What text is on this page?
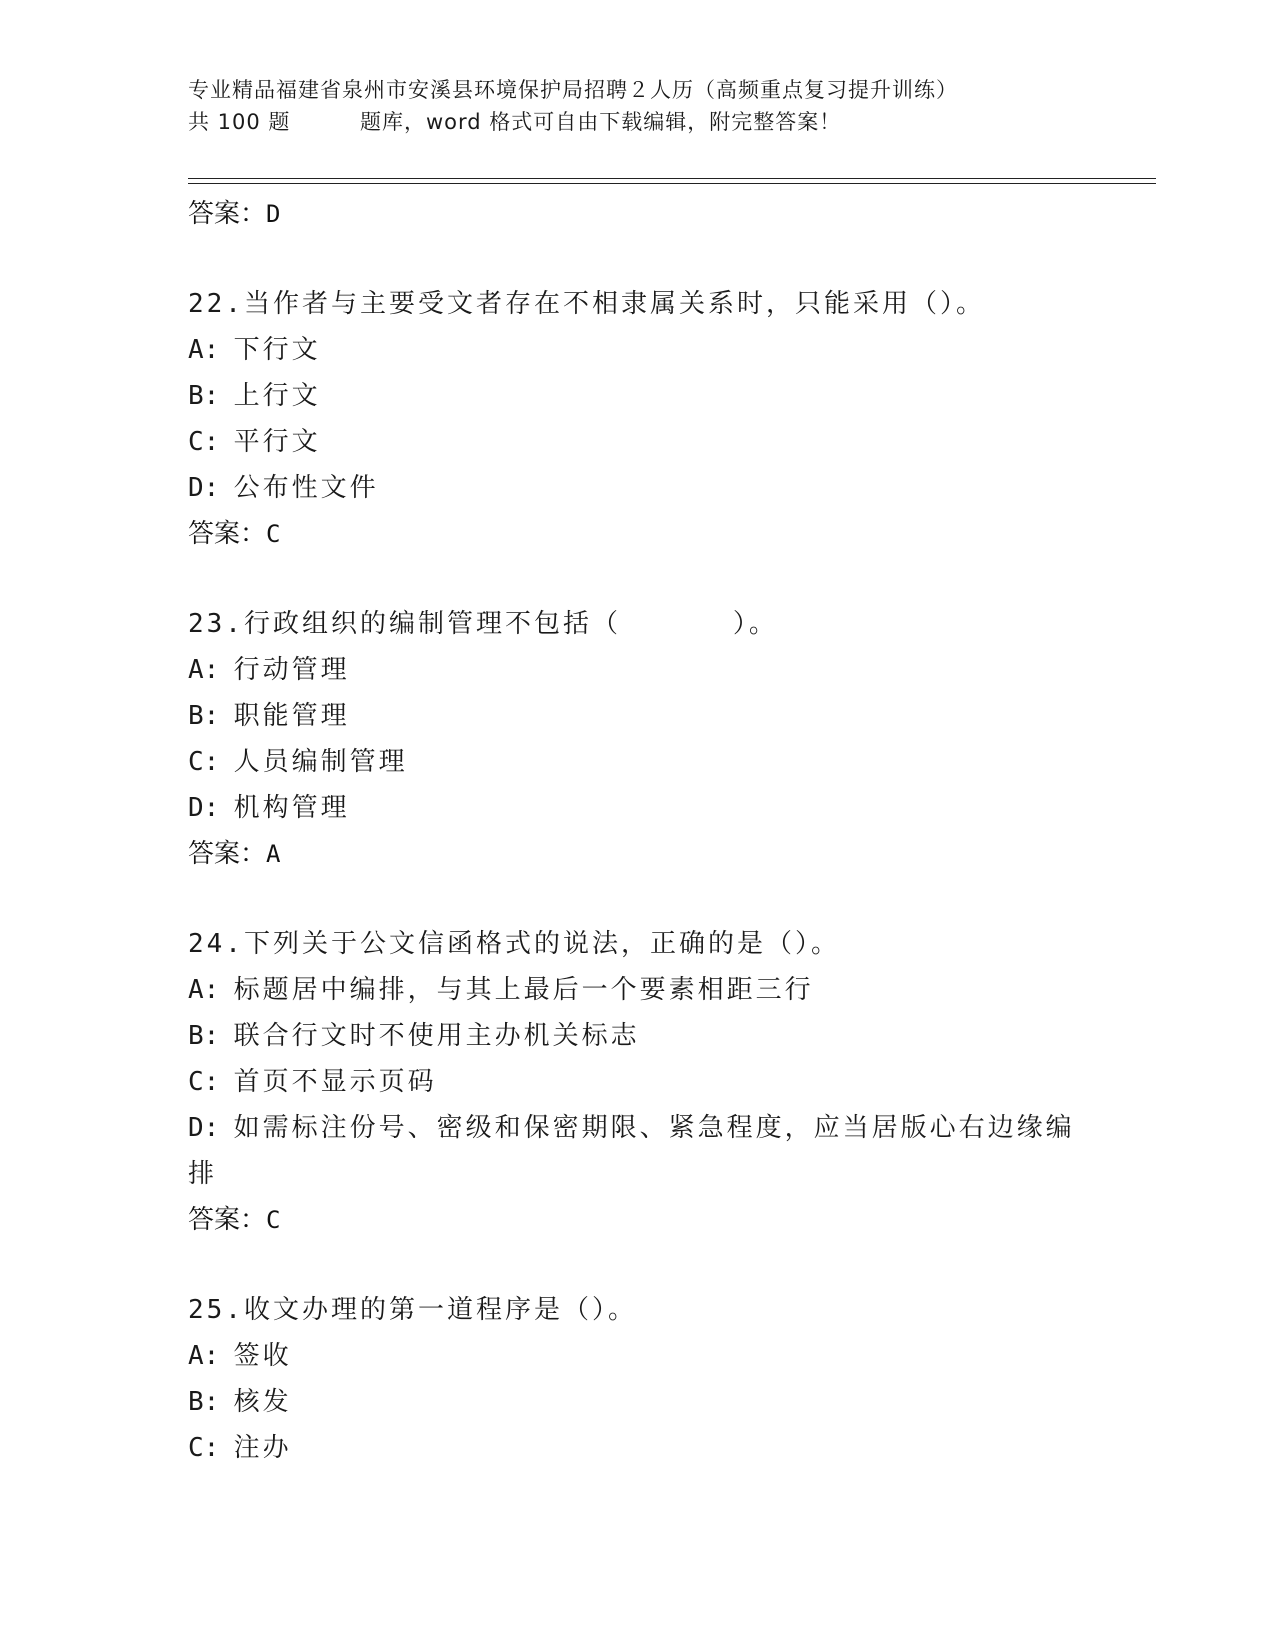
专业精品福建省泉州市安溪县环境保护局招聘２人历（高频重点复习提升训练）
共 100 题	题库，word 格式可自由下载编辑，附完整答案！
答案：D
22.当作者与主要受文者存在不相隶属关系时，只能采用（）。
A: 下行文
B: 上行文
C: 平行文
D: 公布性文件
答案：C
23.行政组织的编制管理不包括（      ）。
A: 行动管理
B: 职能管理
C: 人员编制管理
D: 机构管理
答案：A
24.下列关于公文信函格式的说法，正确的是（）。
A: 标题居中编排，与其上最后一个要素相距三行
B: 联合行文时不使用主办机关标志
C: 首页不显示页码
D: 如需标注份号、密级和保密期限、紧急程度，应当居版心右边缘编
排
答案：C
25.收文办理的第一道程序是（）。
A: 签收
B: 核发
C: 注办
